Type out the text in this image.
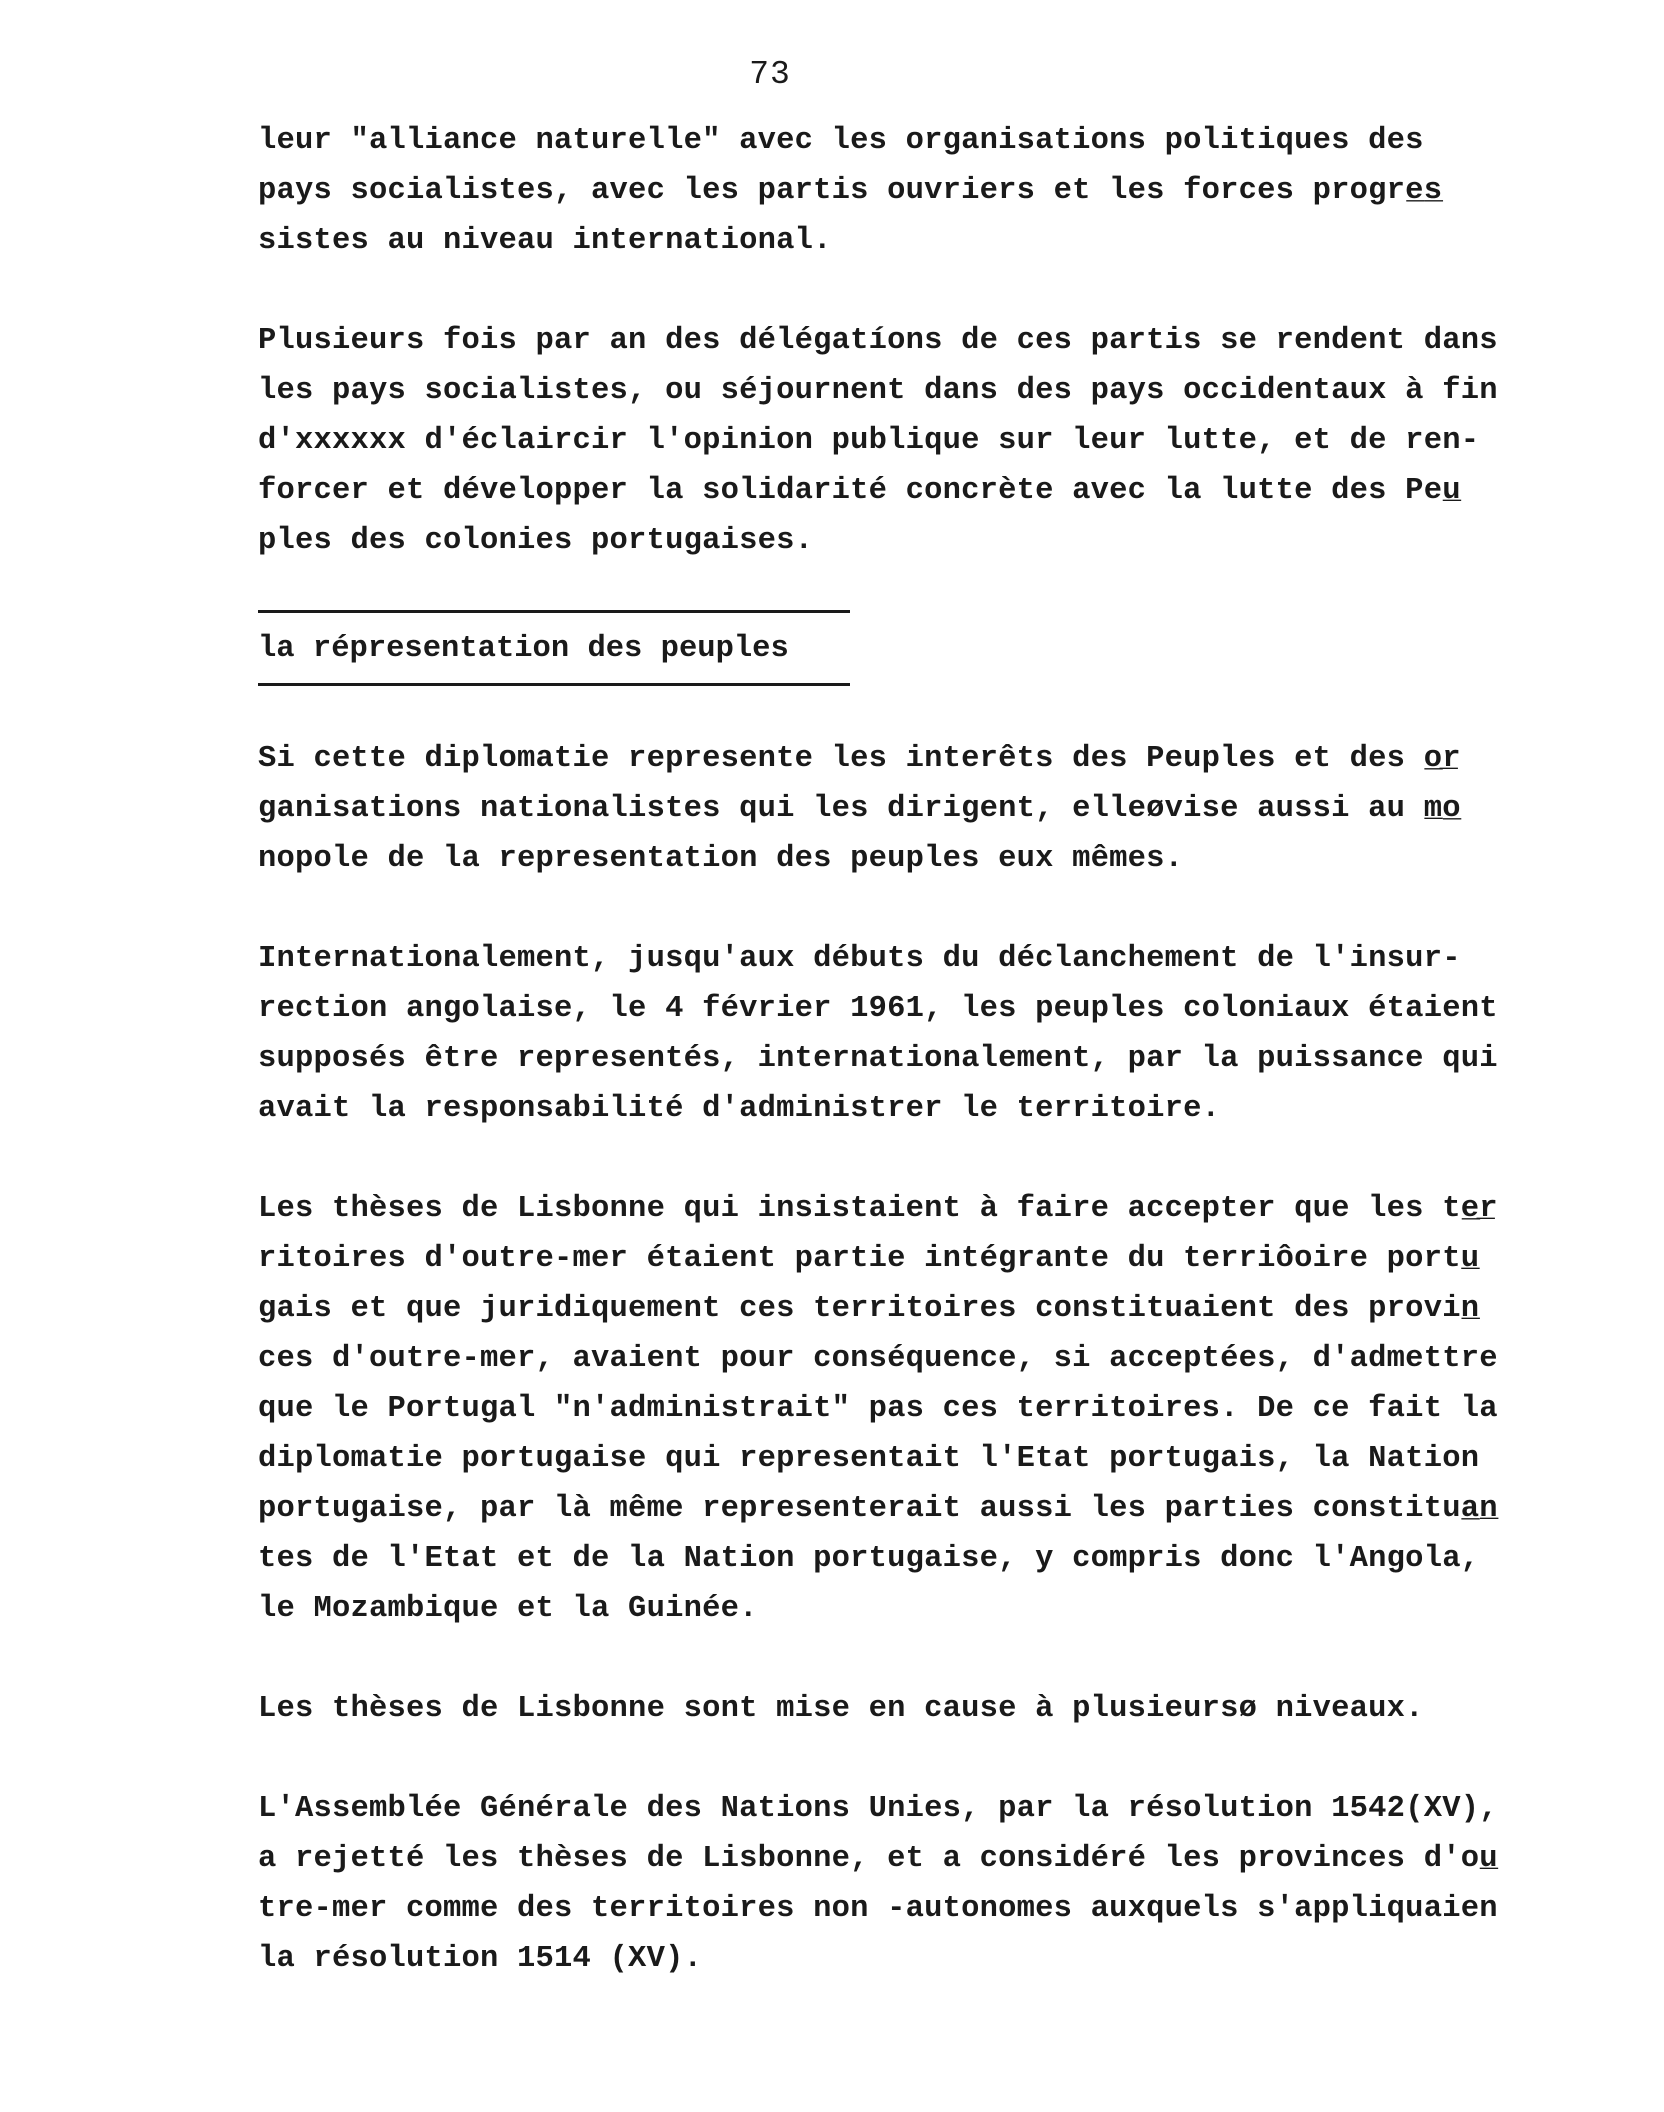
73
leur "alliance naturelle" avec les organisations politiques des
pays socialistes, avec les partis ouvriers et les forces progre̲s̲
sistes au niveau international.
Plusieurs fois par an des délégatíons de ces partis se rendent dans
les pays socialistes, ou séjournent dans des pays occidentaux à fin
d'xxxxxx d'éclaircir l'opinion publique sur leur lutte, et de ren-
forcer et développer la solidarité concrète avec la lutte des Peu̲
ples des colonies portugaises.
la répresentation des peuples
Si cette diplomatie represente les interêts des Peuples et des o̲r̲
ganisations nationalistes qui les dirigent, elleøvise aussi au m̲o̲
nopole de la representation des peuples eux mêmes.
Internationalement, jusqu'aux débuts du déclanchement de l'insur-
rection angolaise, le 4 février 1961, les peuples coloniaux étaient
supposés être representés, internationalement, par la puissance qui
avait la responsabilité d'administrer le territoire.
Les thèses de Lisbonne qui insistaient à faire accepter que les te̲r̲
ritoires d'outre-mer étaient partie intégrante du terriôoire portu̲
gais et que juridiquement ces territoires constituaient des provin̲
ces d'outre-mer, avaient pour conséquence, si acceptées, d'admettre
que le Portugal "n'administrait" pas ces territoires. De ce fait la
diplomatie portugaise qui representait l'Etat portugais, la Nation
portugaise, par là même representerait aussi les parties constitua̲n̲
tes de l'Etat et de la Nation portugaise, y compris donc l'Angola,
le Mozambique et la Guinée.
Les thèses de Lisbonne sont mise en cause à plusieursø niveaux.
L'Assemblée Générale des Nations Unies, par la résolution 1542(XV),
a rejetté les thèses de Lisbonne, et a considéré les provinces d'ou̲
tre-mer comme des territoires non -autonomes auxquels s'appliquaien
la résolution 1514 (XV).
